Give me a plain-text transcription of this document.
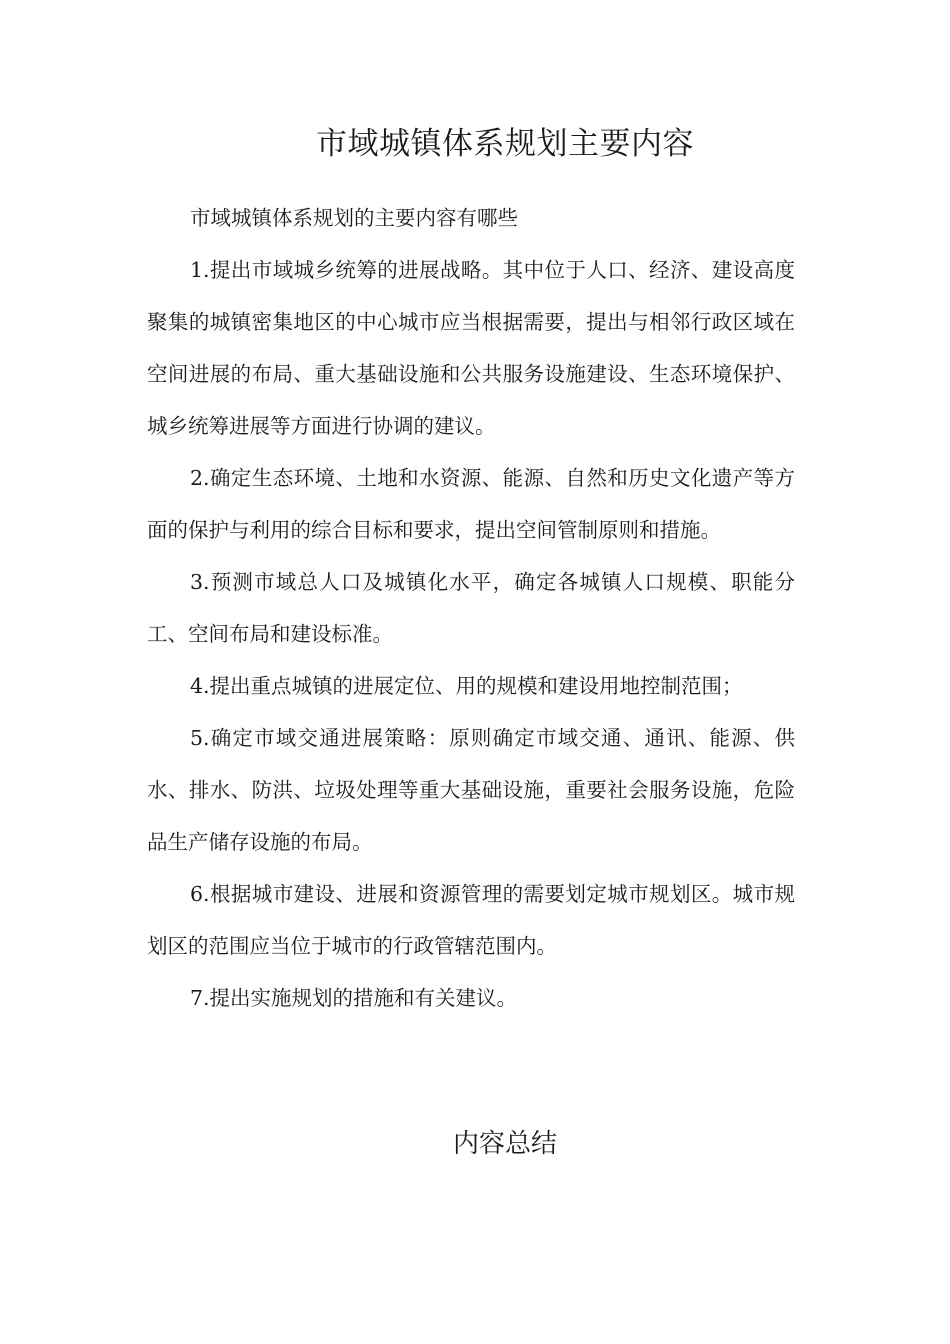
市域城镇体系规划主要内容

市域城镇体系规划的主要内容有哪些

1.提出市域城乡统筹的进展战略。其中位于人口、经济、建设高度聚集的城镇密集地区的中心城市应当根据需要，提出与相邻行政区域在空间进展的布局、重大基础设施和公共服务设施建设、生态环境保护、城乡统筹进展等方面进行协调的建议。

2.确定生态环境、土地和水资源、能源、自然和历史文化遗产等方面的保护与利用的综合目标和要求，提出空间管制原则和措施。

3.预测市域总人口及城镇化水平，确定各城镇人口规模、职能分工、空间布局和建设标准。

4.提出重点城镇的进展定位、用的规模和建设用地控制范围；

5.确定市域交通进展策略：原则确定市域交通、通讯、能源、供水、排水、防洪、垃圾处理等重大基础设施，重要社会服务设施，危险品生产储存设施的布局。

6.根据城市建设、进展和资源管理的需要划定城市规划区。城市规划区的范围应当位于城市的行政管辖范围内。

7.提出实施规划的措施和有关建议。

内容总结
